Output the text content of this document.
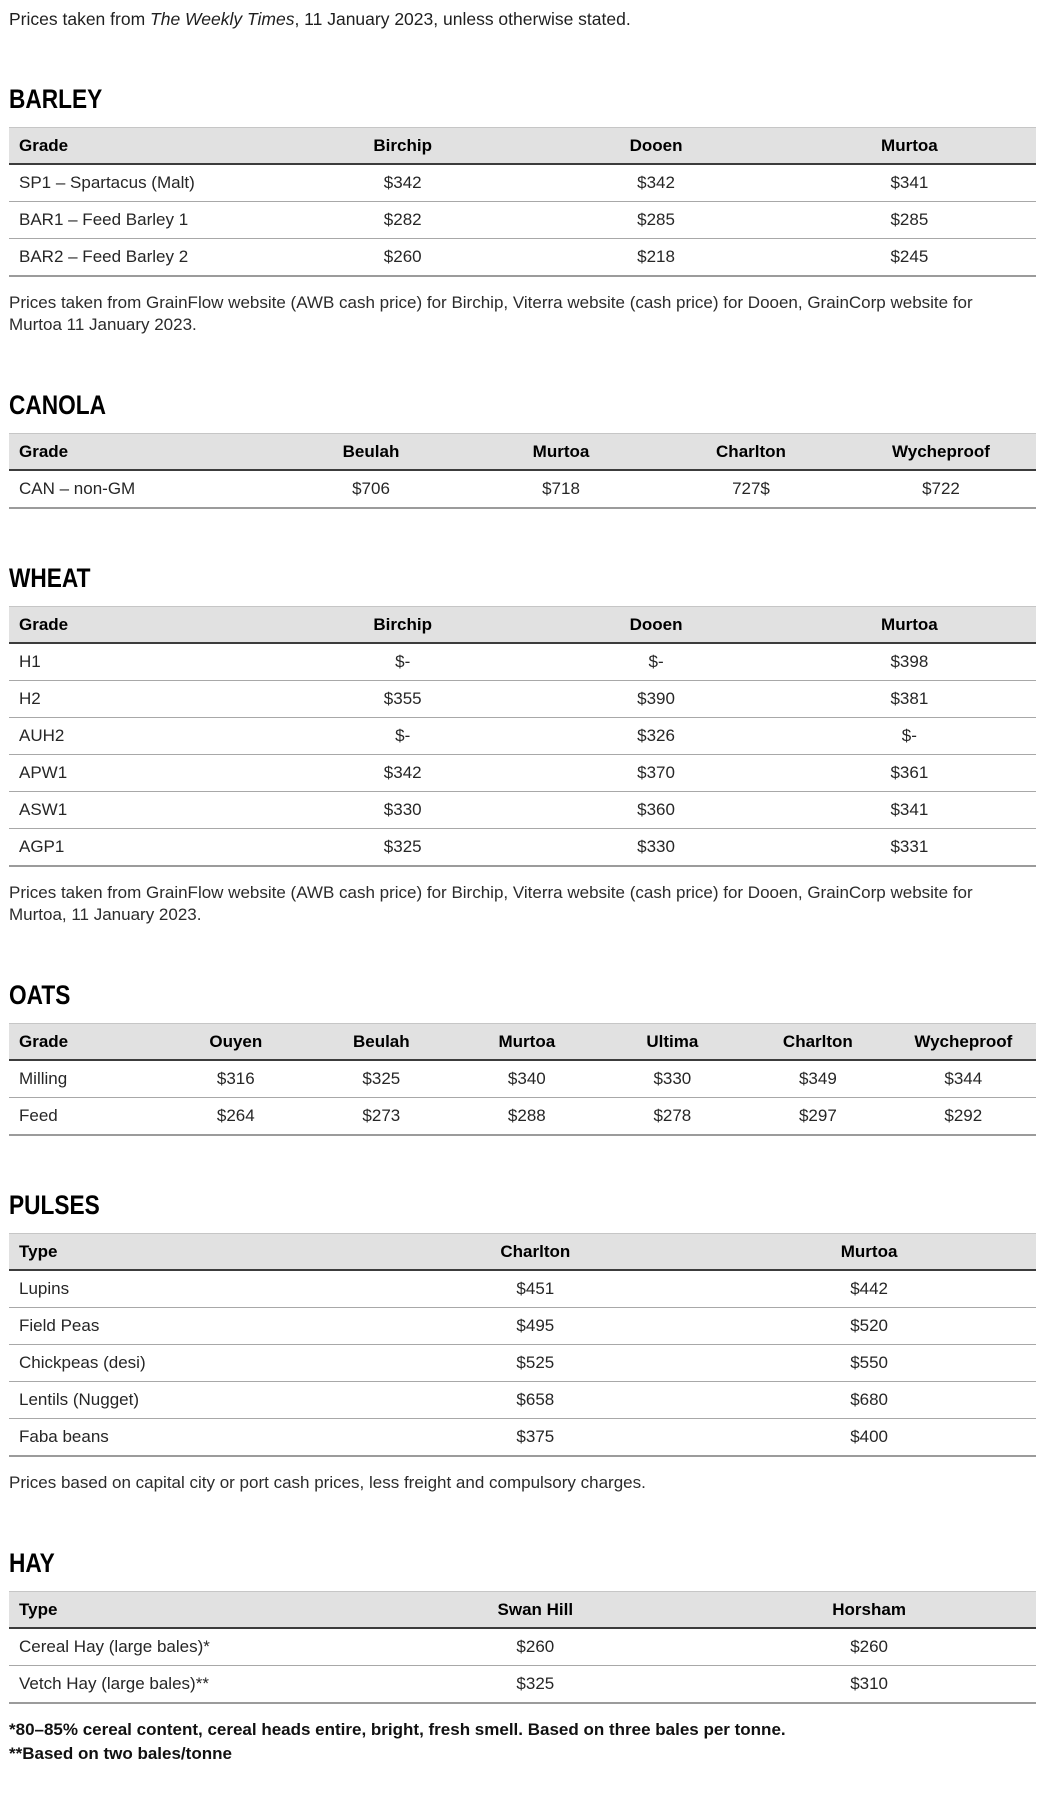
Prices taken from The Weekly Times, 11 January 2023, unless otherwise stated.

BARLEY
Grade	Birchip	Dooen	Murtoa
SP1 – Spartacus (Malt)	$342	$342	$341
BAR1 – Feed Barley 1	$282	$285	$285
BAR2 – Feed Barley 2	$260	$218	$245

Prices taken from GrainFlow website (AWB cash price) for Birchip, Viterra website (cash price) for Dooen, GrainCorp website for Murtoa 11 January 2023.

CANOLA
Grade	Beulah	Murtoa	Charlton	Wycheproof
CAN – non-GM	$706	$718	727$	$722
WHEAT
Grade	Birchip	Dooen	Murtoa
H1	$-	$-	$398
H2	$355	$390	$381
AUH2	$-	$326	$-
APW1	$342	$370	$361
ASW1	$330	$360	$341
AGP1	$325	$330	$331

Prices taken from GrainFlow website (AWB cash price) for Birchip, Viterra website (cash price) for Dooen, GrainCorp website for Murtoa, 11 January 2023.

OATS
Grade	Ouyen	Beulah	Murtoa	Ultima	Charlton	Wycheproof
Milling	$316	$325	$340	$330	$349	$344
Feed	$264	$273	$288	$278	$297	$292
PULSES
Type	Charlton	Murtoa
Lupins	$451	$442
Field Peas	$495	$520
Chickpeas (desi)	$525	$550
Lentils (Nugget)	$658	$680
Faba beans	$375	$400

Prices based on capital city or port cash prices, less freight and compulsory charges.

HAY
Type	Swan Hill	Horsham
Cereal Hay (large bales)*	$260	$260
Vetch Hay (large bales)**	$325	$310

*80–85% cereal content, cereal heads entire, bright, fresh smell. Based on three bales per tonne.

**Based on two bales/tonne
